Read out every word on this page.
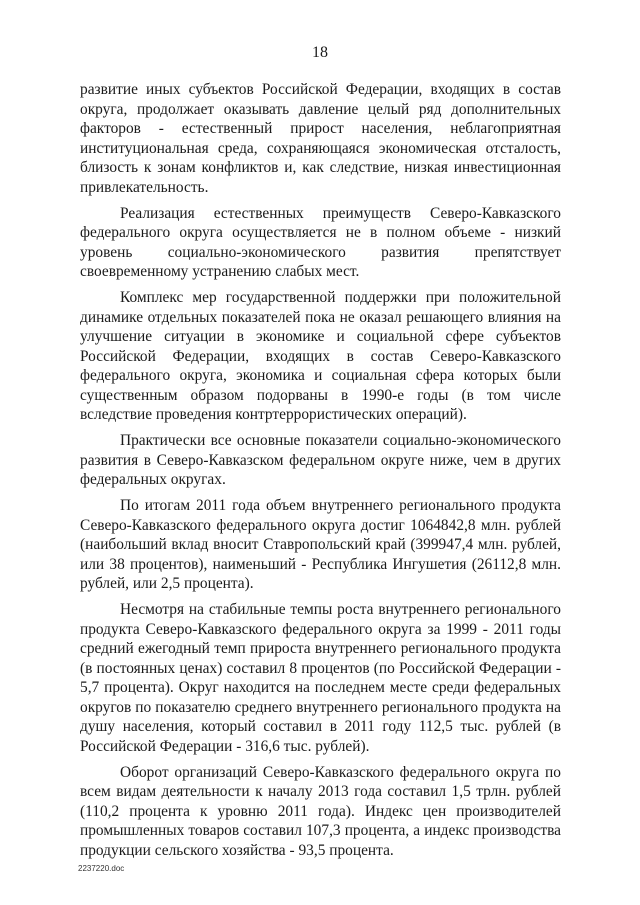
18

развитие иных субъектов Российской Федерации, входящих в состав округа, продолжает оказывать давление целый ряд дополнительных факторов - естественный прирост населения, неблагоприятная институциональная среда, сохраняющаяся экономическая отсталость, близость к зонам конфликтов и, как следствие, низкая инвестиционная привлекательность.

Реализация естественных преимуществ Северо-Кавказского федерального округа осуществляется не в полном объеме - низкий уровень социально-экономического развития препятствует своевременному устранению слабых мест.

Комплекс мер государственной поддержки при положительной динамике отдельных показателей пока не оказал решающего влияния на улучшение ситуации в экономике и социальной сфере субъектов Российской Федерации, входящих в состав Северо-Кавказского федерального округа, экономика и социальная сфера которых были существенным образом подорваны в 1990-е годы (в том числе вследствие проведения контртеррористических операций).

Практически все основные показатели социально-экономического развития в Северо-Кавказском федеральном округе ниже, чем в других федеральных округах.

По итогам 2011 года объем внутреннего регионального продукта Северо-Кавказского федерального округа достиг 1064842,8 млн. рублей (наибольший вклад вносит Ставропольский край (399947,4 млн. рублей, или 38 процентов), наименьший - Республика Ингушетия (26112,8 млн. рублей, или 2,5 процента).

Несмотря на стабильные темпы роста внутреннего регионального продукта Северо-Кавказского федерального округа за 1999 - 2011 годы средний ежегодный темп прироста внутреннего регионального продукта (в постоянных ценах) составил 8 процентов (по Российской Федерации - 5,7 процента). Округ находится на последнем месте среди федеральных округов по показателю среднего внутреннего регионального продукта на душу населения, который составил в 2011 году 112,5 тыс. рублей (в Российской Федерации - 316,6 тыс. рублей).

Оборот организаций Северо-Кавказского федерального округа по всем видам деятельности к началу 2013 года составил 1,5 трлн. рублей (110,2 процента к уровню 2011 года). Индекс цен производителей промышленных товаров составил 107,3 процента, а индекс производства продукции сельского хозяйства - 93,5 процента.

2237220.doc
